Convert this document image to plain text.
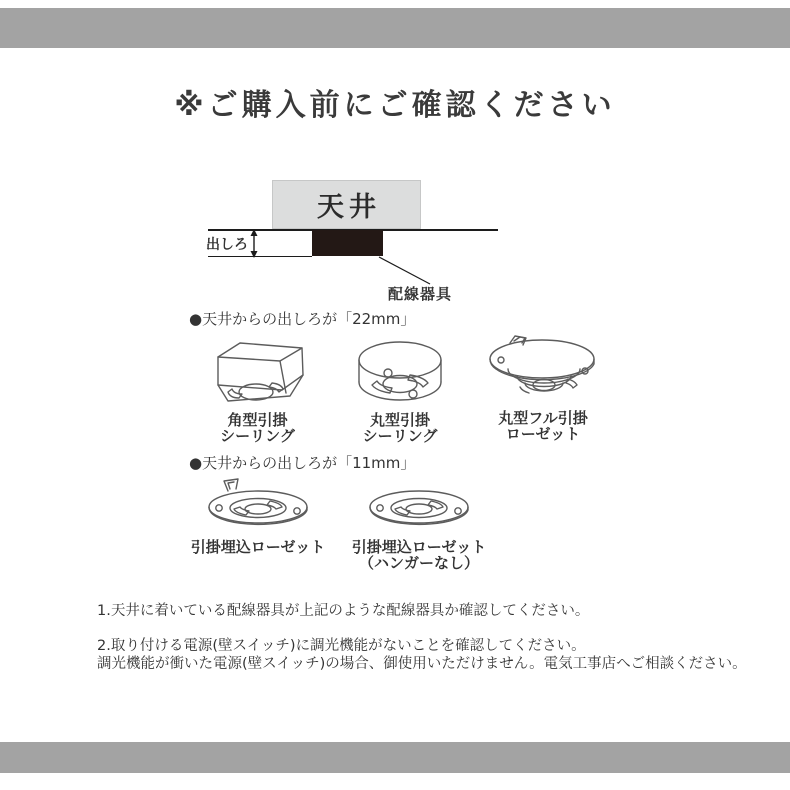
※ご購入前にご確認ください
天井
出しろ
配線器具
●天井からの出しろが「22mm」
角型引掛
シーリング
丸型引掛
シーリング
丸型フル引掛
ローゼット
●天井からの出しろが「11mm」
引掛埋込ローゼット	引掛埋込ローゼット
（ハンガーなし）
1.天井に着いている配線器具が上記のような配線器具か確認してください。
2.取り付ける電源(壁スイッチ)に調光機能がないことを確認してください。
調光機能が衝いた電源(壁スイッチ)の場合、御使用いただけません。電気工事店へご相談ください。
